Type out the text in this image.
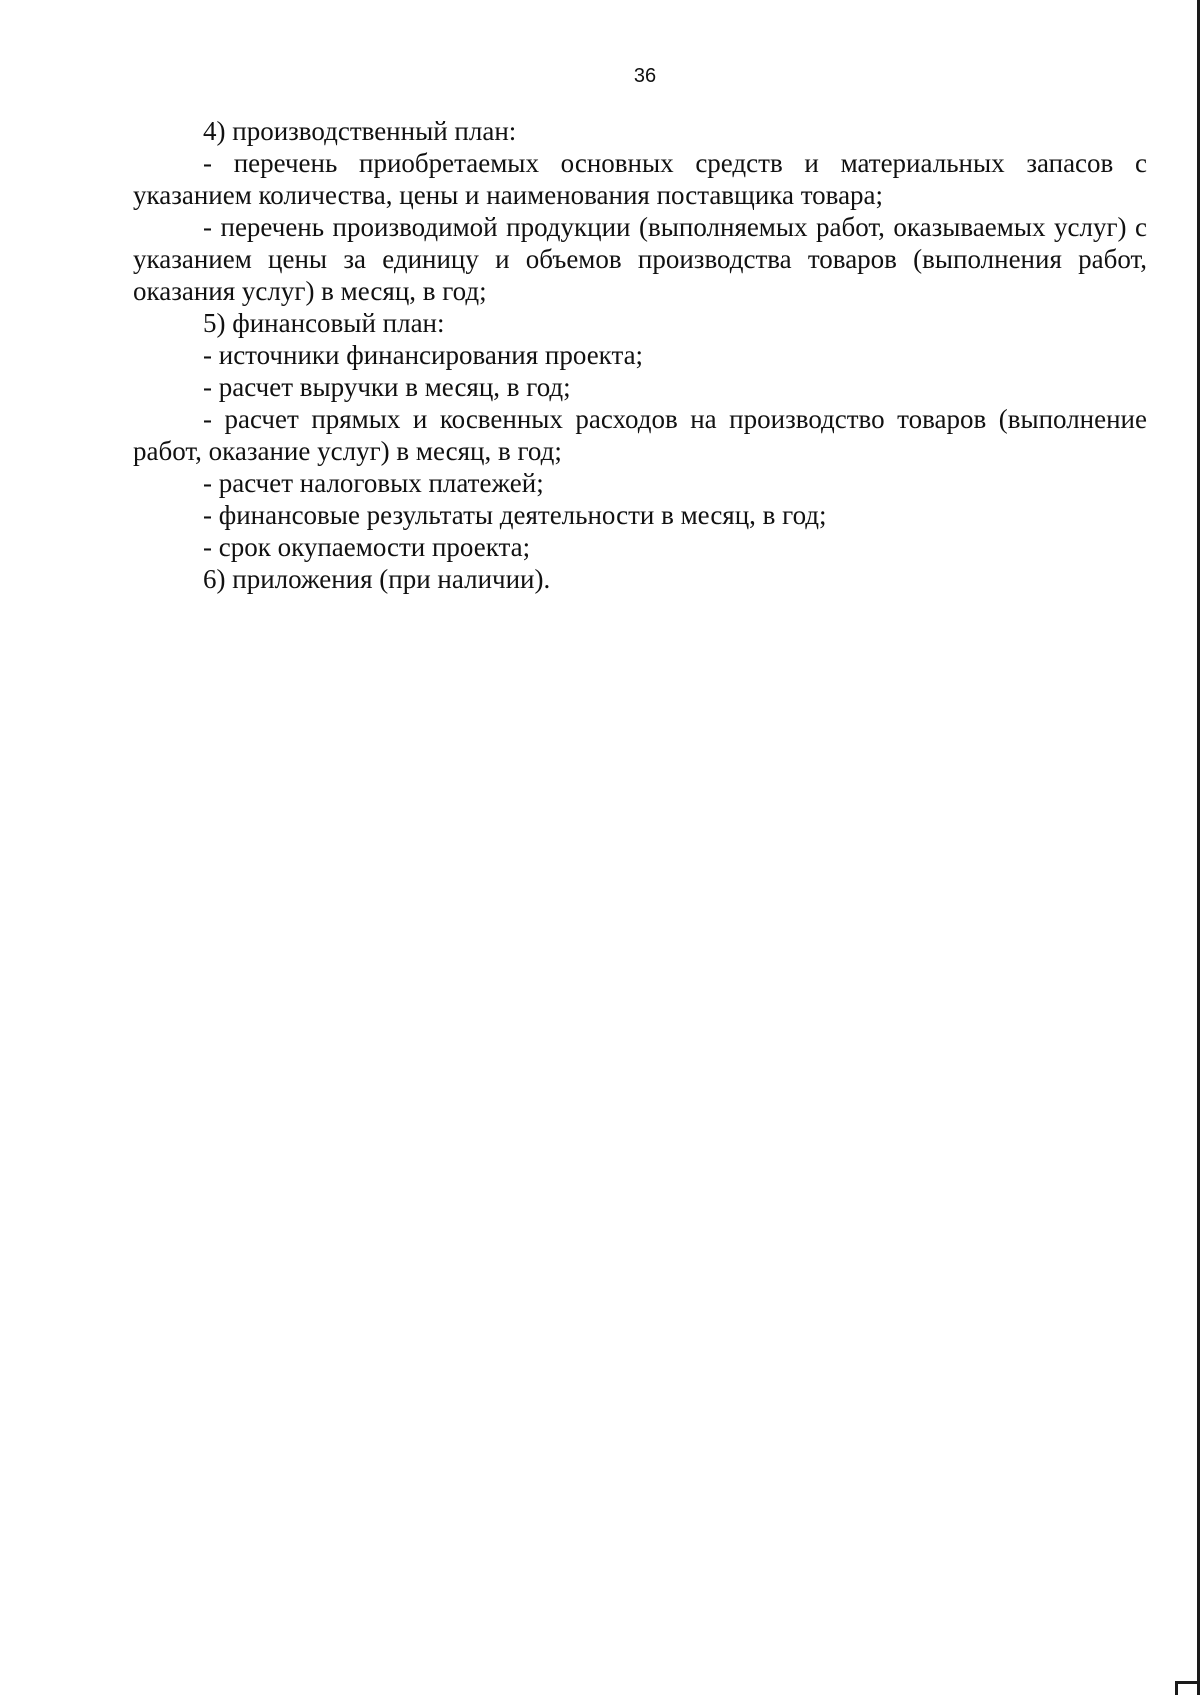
36

4) производственный план:

- перечень приобретаемых основных средств и материальных запасов с указанием количества, цены и наименования поставщика товара;

- перечень производимой продукции (выполняемых работ, оказываемых услуг) с указанием цены за единицу и объемов производства товаров (выполнения работ, оказания услуг) в месяц, в год;

5) финансовый план:

- источники финансирования проекта;

- расчет выручки в месяц, в год;

- расчет прямых и косвенных расходов на производство товаров (выполнение работ, оказание услуг) в месяц, в год;

- расчет налоговых платежей;

- финансовые результаты деятельности в месяц, в год;

- срок окупаемости проекта;

6) приложения (при наличии).
